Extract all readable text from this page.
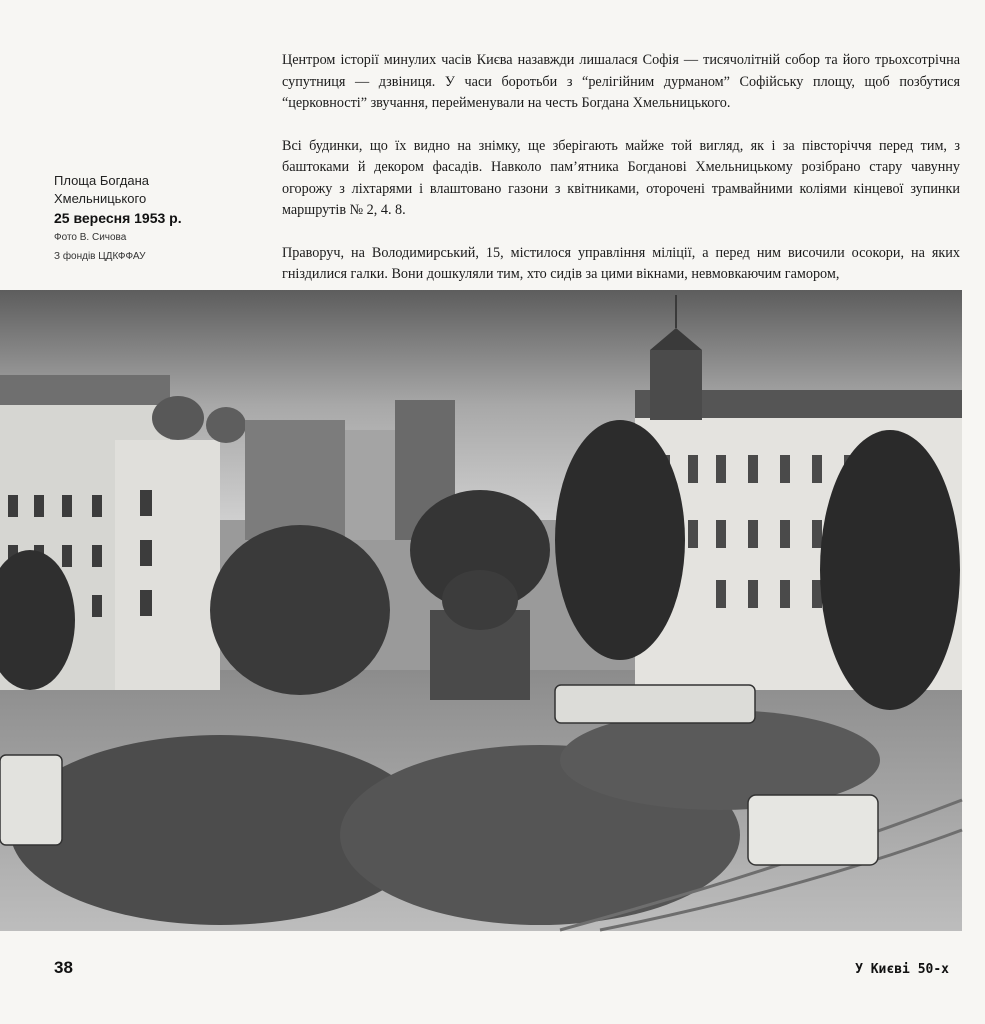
Площа Богдана
Хмельницького
25 вересня 1953 р.
Фото В. Сичова
З фондів ЦДКФФАУ

Центром історії минулих часів Києва назавжди лишалася Софія — тисячолітній собор та його трьохсотрічна супутниця — дзвіниця. У часи боротьби з “релігійним дурманом” Софійську площу, щоб позбутися “церковності” звучання, перейменували на честь Богдана Хмельницького.

Всі будинки, що їх видно на знімку, ще зберігають майже той вигляд, як і за півсторіччя перед тим, з баштоками й декором фасадів. Навколо пам’ятника Богданові Хмельницькому розібрано стару чавунну огорожу з ліхтарями і влаштовано газони з квітниками, оторочені трамвайними коліями кінцевої зупинки маршрутів № 2, 4. 8.

Праворуч, на Володимирський, 15, містилося управління міліції, а перед ним височили осокори, на яких гніздилися галки. Вони дошкуляли тим, хто сидів за цими вікнами, невмовкаючим гамором,

38	У Києві 50-х
